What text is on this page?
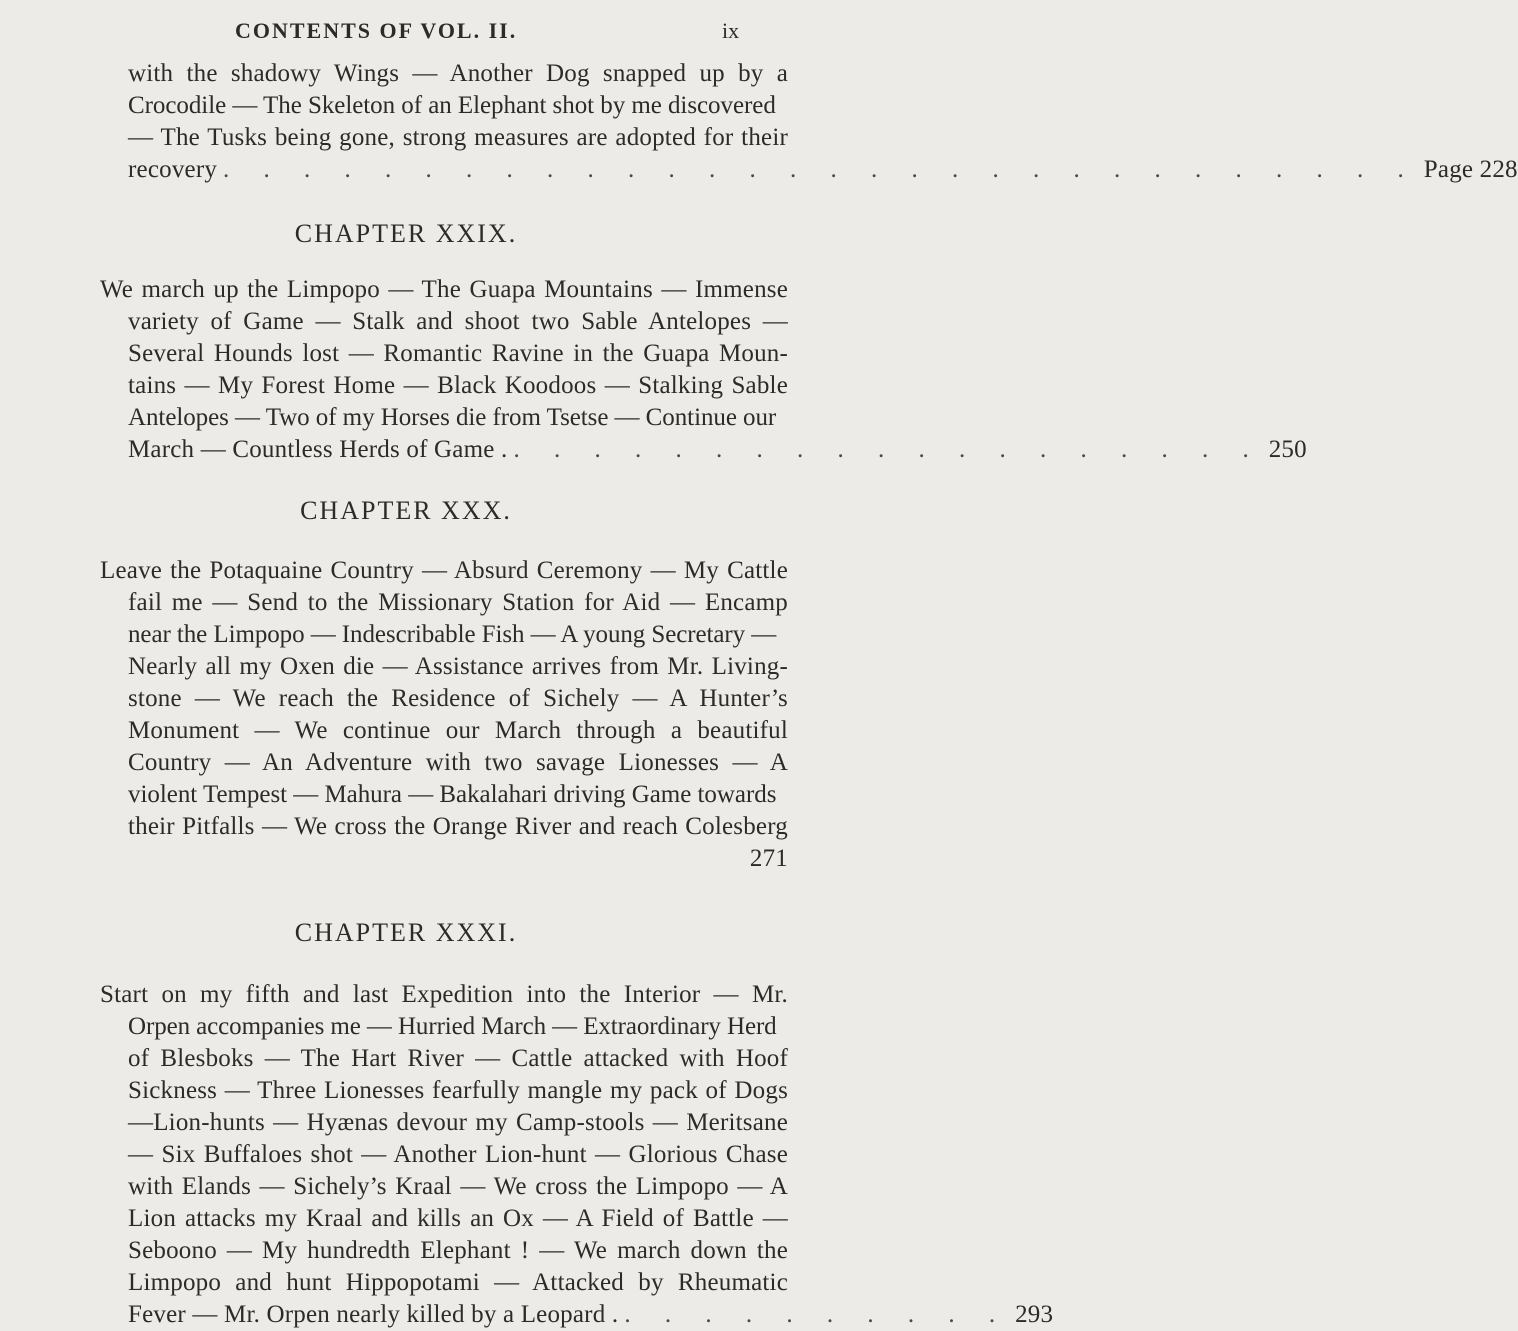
CONTENTS OF VOL. II.	ix
with the shadowy Wings — Another Dog snapped up by a
Crocodile — The Skeleton of an Elephant shot by me discovered
— The Tusks being gone, strong measures are adopted for their
recovery . . . . . . . . . . . . . . . . . . . . . . . . . . . . . . Page 228
CHAPTER XXIX.
We march up the Limpopo — The Guapa Mountains — Immense
variety of Game — Stalk and shoot two Sable Antelopes —
Several Hounds lost — Romantic Ravine in the Guapa Moun-
tains — My Forest Home — Black Koodoos — Stalking Sable
Antelopes — Two of my Horses die from Tsetse — Continue our
March — Countless Herds of Game . . . . . . . . . . . . . . . . . . . . 250
CHAPTER XXX.
Leave the Potaquaine Country — Absurd Ceremony — My Cattle
fail me — Send to the Missionary Station for Aid — Encamp
near the Limpopo — Indescribable Fish — A young Secretary —
Nearly all my Oxen die — Assistance arrives from Mr. Living-
stone — We reach the Residence of Sichely — A Hunter’s
Monument — We continue our March through a beautiful
Country — An Adventure with two savage Lionesses — A
violent Tempest — Mahura — Bakalahari driving Game towards
their Pitfalls — We cross the Orange River and reach Colesberg
271
CHAPTER XXXI.
Start on my fifth and last Expedition into the Interior — Mr.
Orpen accompanies me — Hurried March — Extraordinary Herd
of Blesboks — The Hart River — Cattle attacked with Hoof
Sickness — Three Lionesses fearfully mangle my pack of Dogs
—Lion-hunts — Hyænas devour my Camp-stools — Meritsane
— Six Buffaloes shot — Another Lion-hunt — Glorious Chase
with Elands — Sichely’s Kraal — We cross the Limpopo — A
Lion attacks my Kraal and kills an Ox — A Field of Battle —
Seboono — My hundredth Elephant ! — We march down the
Limpopo and hunt Hippopotami — Attacked by Rheumatic
Fever — Mr. Orpen nearly killed by a Leopard . . . . . . . . . . . 293
